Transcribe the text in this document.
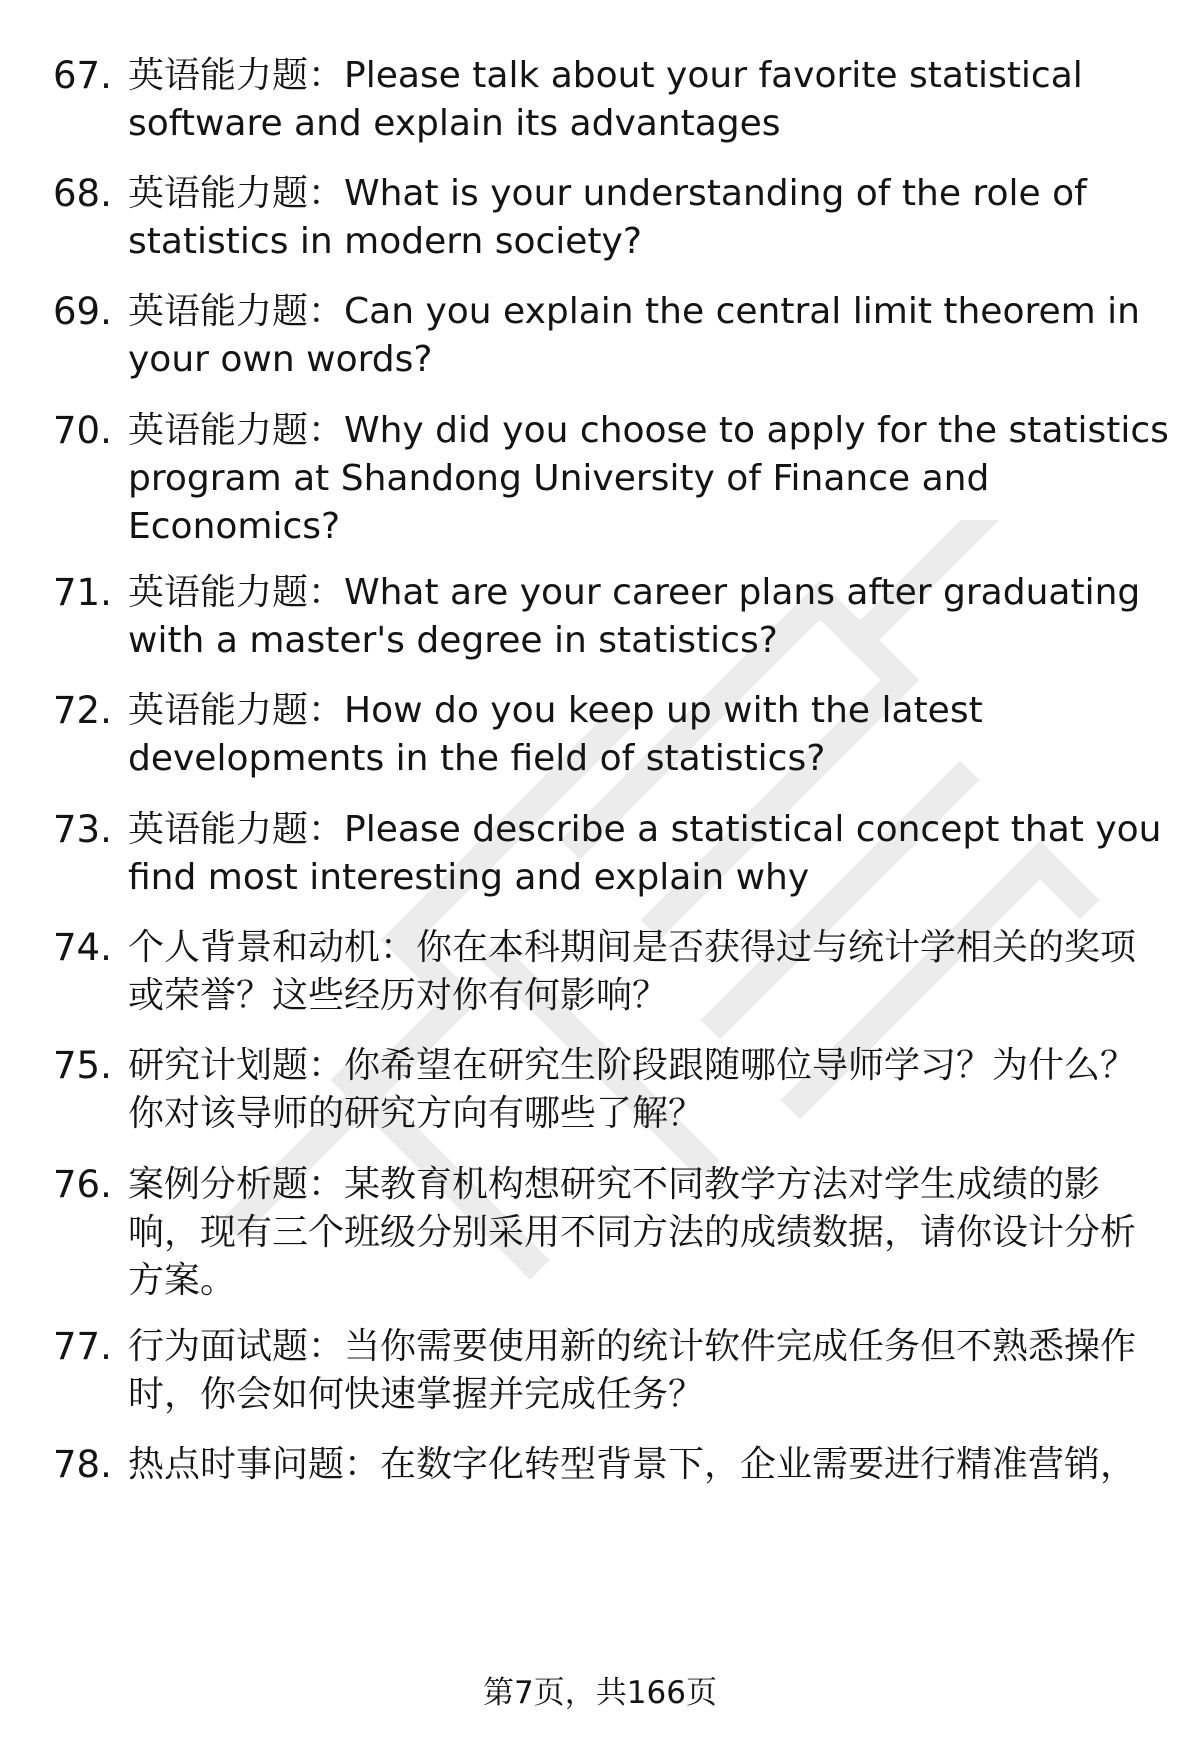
67. 英语能力题：Please talk about your favorite statistical
software and explain its advantages
68. 英语能力题：What is your understanding of the role of
statistics in modern society?
69. 英语能力题：Can you explain the central limit theorem in
your own words?
70. 英语能力题：Why did you choose to apply for the statistics
program at Shandong University of Finance and
Economics?
71. 英语能力题：What are your career plans after graduating
with a master's degree in statistics?
72. 英语能力题：How do you keep up with the latest
developments in the field of statistics?
73. 英语能力题：Please describe a statistical concept that you
find most interesting and explain why
74. 个人背景和动机：你在本科期间是否获得过与统计学相关的奖项
或荣誉？这些经历对你有何影响？
75. 研究计划题：你希望在研究生阶段跟随哪位导师学习？为什么？
你对该导师的研究方向有哪些了解？
76. 案例分析题：某教育机构想研究不同教学方法对学生成绩的影
响，现有三个班级分别采用不同方法的成绩数据，请你设计分析
方案。
77. 行为面试题：当你需要使用新的统计软件完成任务但不熟悉操作
时，你会如何快速掌握并完成任务？
78. 热点时事问题：在数字化转型背景下，企业需要进行精准营销，
第7页，共166页
